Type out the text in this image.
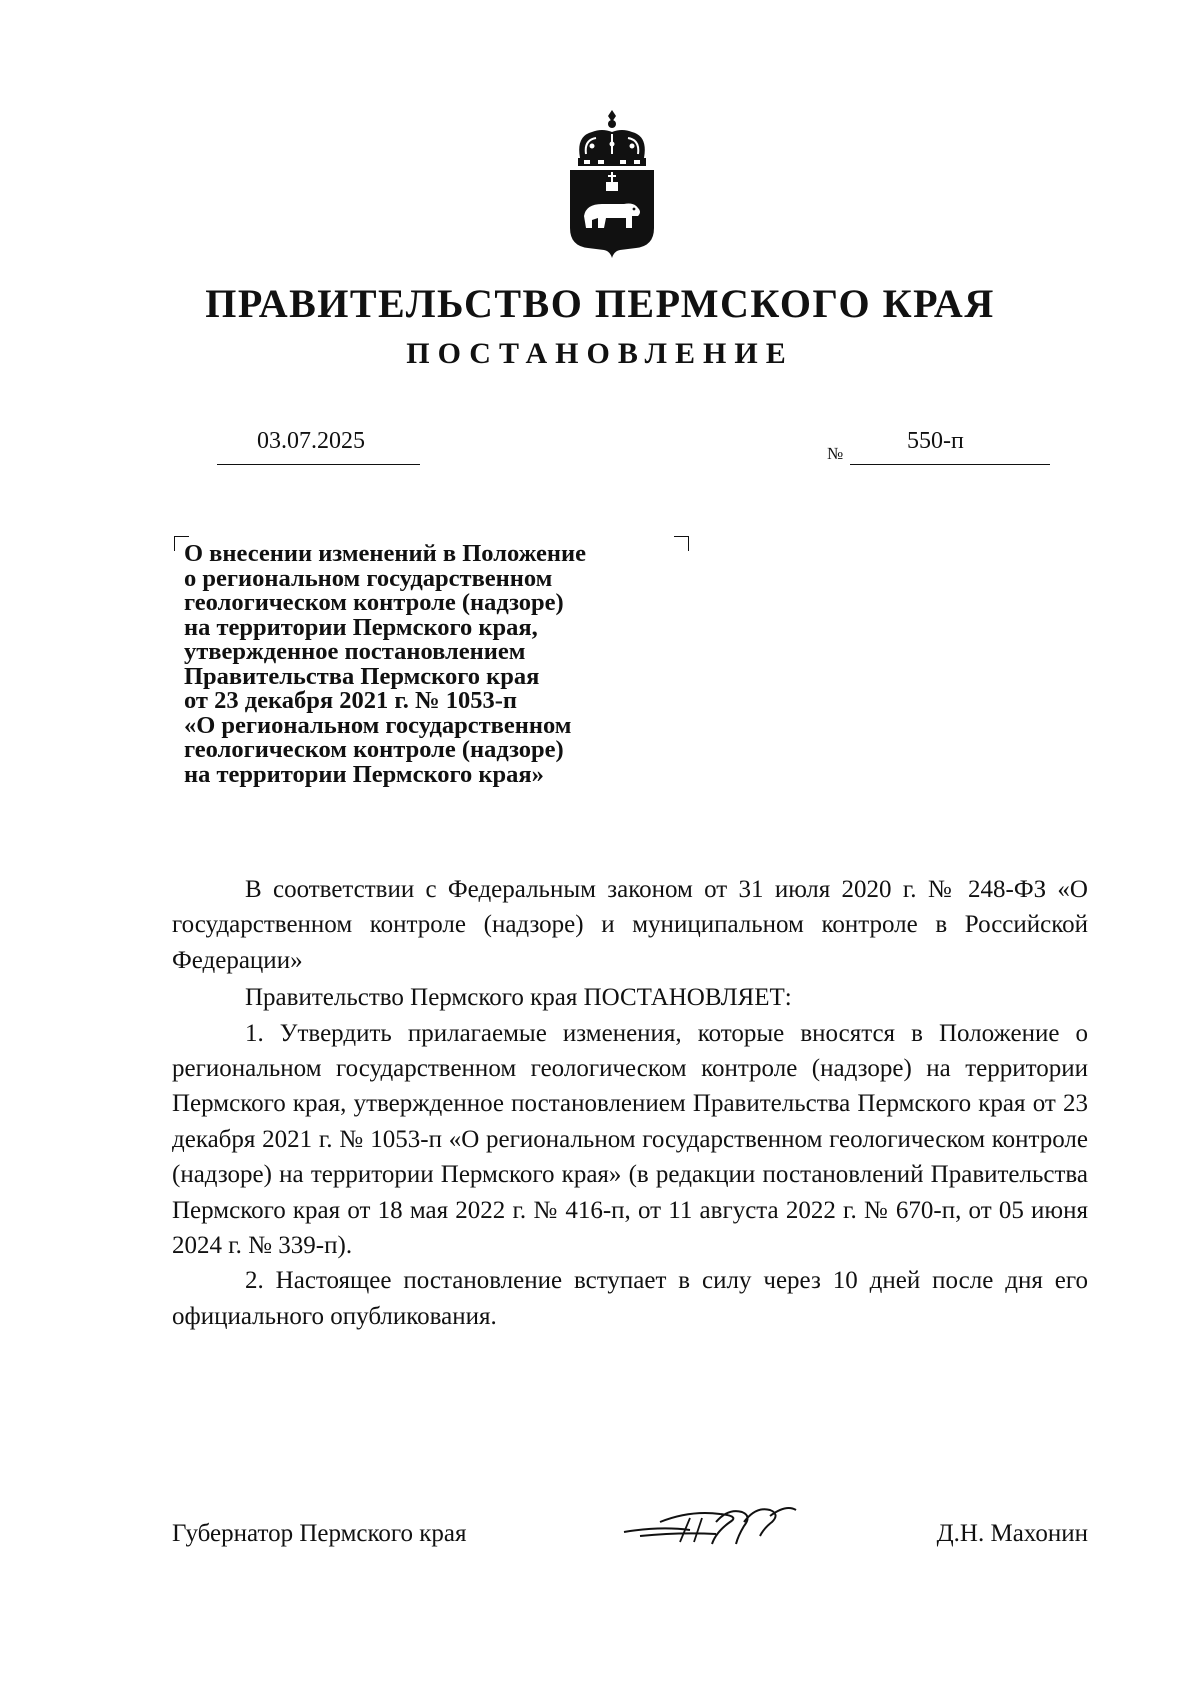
ПРАВИТЕЛЬСТВО ПЕРМСКОГО КРАЯ
ПОСТАНОВЛЕНИЕ
03.07.2025	№	550-п
О внесении изменений в Положение
о региональном государственном
геологическом контроле (надзоре)
на территории Пермского края,
утвержденное постановлением
Правительства Пермского края
от 23 декабря 2021 г. № 1053-п
«О региональном государственном
геологическом контроле (надзоре)
на территории Пермского края»

В соответствии с Федеральным законом от 31 июля 2020 г. № 248-ФЗ «О государственном контроле (надзоре) и муниципальном контроле в Российской Федерации»

Правительство Пермского края ПОСТАНОВЛЯЕТ:

1. Утвердить прилагаемые изменения, которые вносятся в Положение о региональном государственном геологическом контроле (надзоре) на территории Пермского края, утвержденное постановлением Правительства Пермского края от 23 декабря 2021 г. № 1053-п «О региональном государственном геологическом контроле (надзоре) на территории Пермского края» (в редакции постановлений Правительства Пермского края от 18 мая 2022 г. № 416-п, от 11 августа 2022 г. № 670-п, от 05 июня 2024 г. № 339-п).

2. Настоящее постановление вступает в силу через 10 дней после дня его официального опубликования.

Губернатор Пермского края	Д.Н. Махонин
